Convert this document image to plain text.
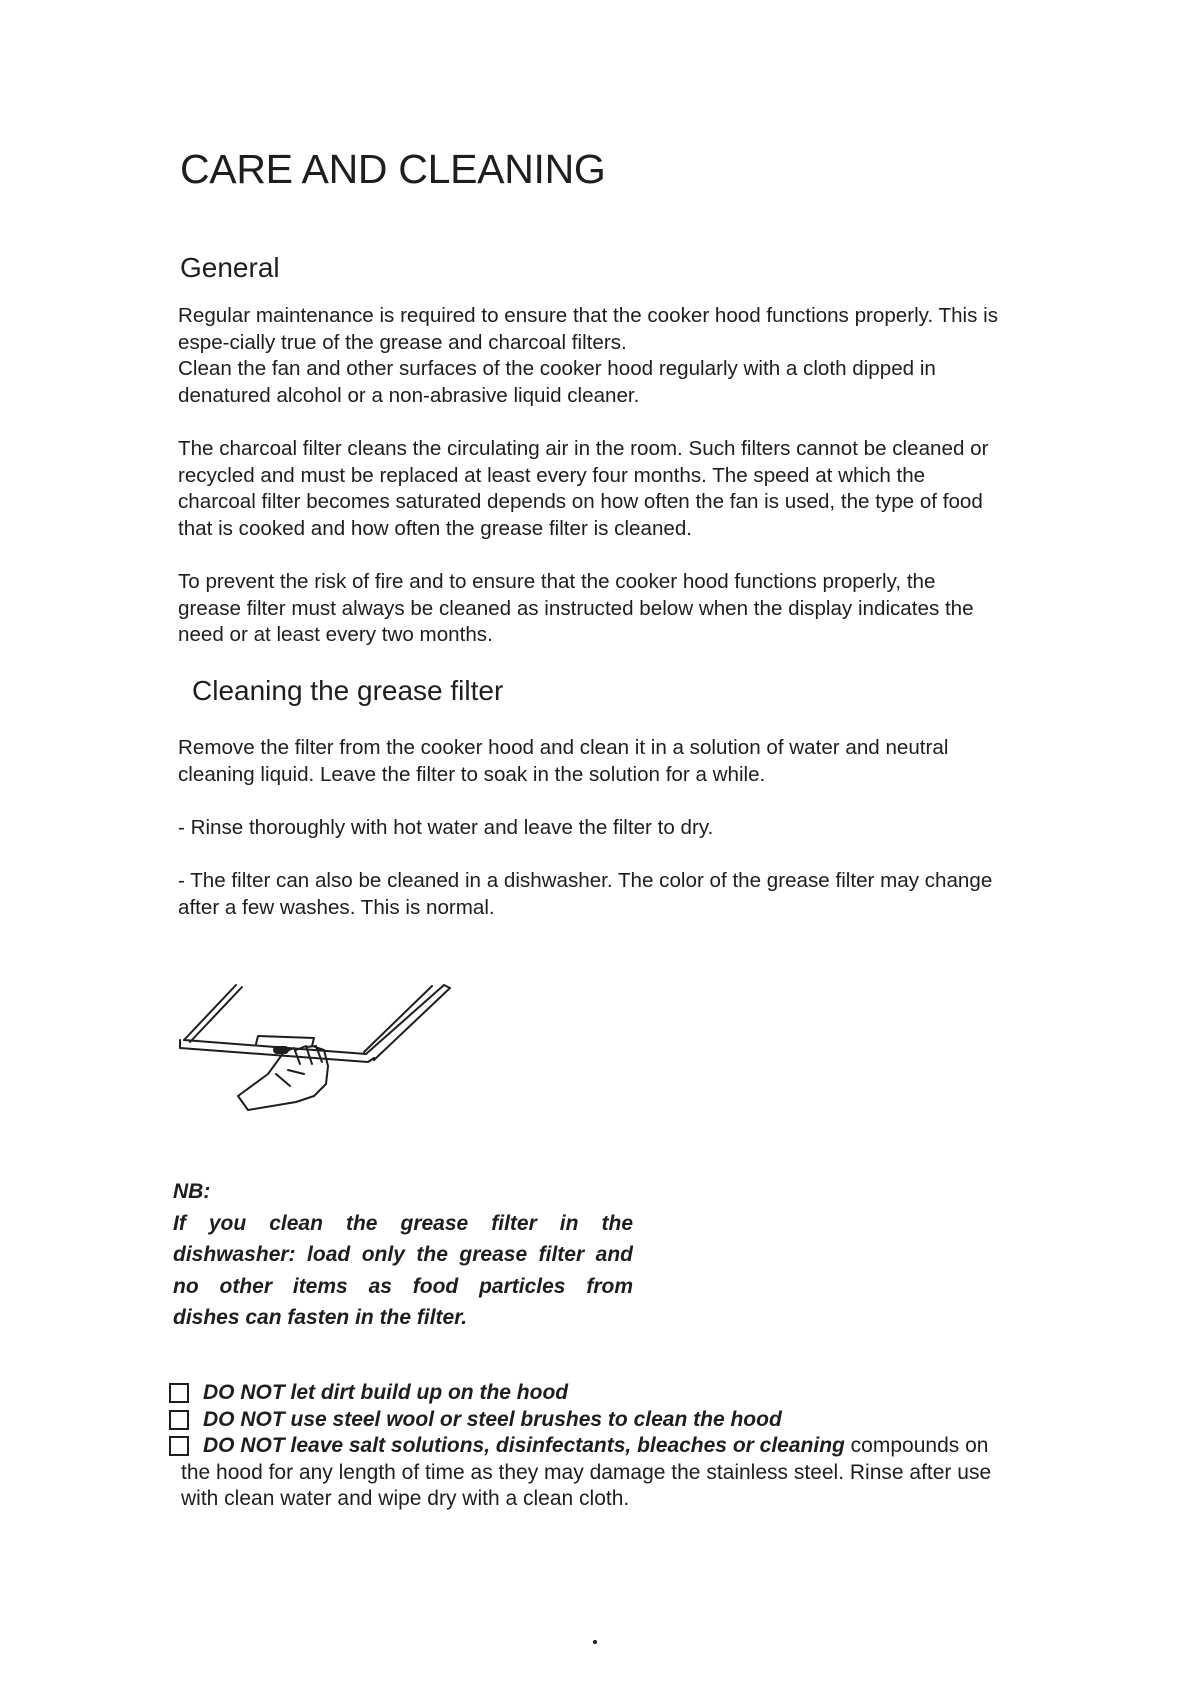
CARE AND CLEANING
General

Regular maintenance is required to ensure that the cooker hood functions properly. This is
espe-cially true of the grease and charcoal filters.
Clean the fan and other surfaces of the cooker hood regularly with a cloth dipped in
denatured alcohol or a non-abrasive liquid cleaner.

The charcoal filter cleans the circulating air in the room. Such filters cannot be cleaned or
recycled and must be replaced at least every four months. The speed at which the
charcoal filter becomes saturated depends on how often the fan is used, the type of food
that is cooked and how often the grease filter is cleaned.

To prevent the risk of fire and to ensure that the cooker hood functions properly, the
grease filter must always be cleaned as instructed below when the display indicates the
need or at least every two months.

Cleaning the grease filter

Remove the filter from the cooker hood and clean it in a solution of water and neutral
cleaning liquid. Leave the filter to soak in the solution for a while.

- Rinse thoroughly with hot water and leave the filter to dry.

- The filter can also be cleaned in a dishwasher. The color of the grease filter may change
after a few washes. This is normal.

NB:
If you clean the grease filter in the
dishwasher: load only the grease filter and
no other items as food particles from
dishes can fasten in the filter.
DO NOT let dirt build up on the hood
DO NOT use steel wool or steel brushes to clean the hood
DO NOT leave salt solutions, disinfectants, bleaches or cleaning compounds on
the hood for any length of time as they may damage the stainless steel. Rinse after use
with clean water and wipe dry with a clean cloth.
